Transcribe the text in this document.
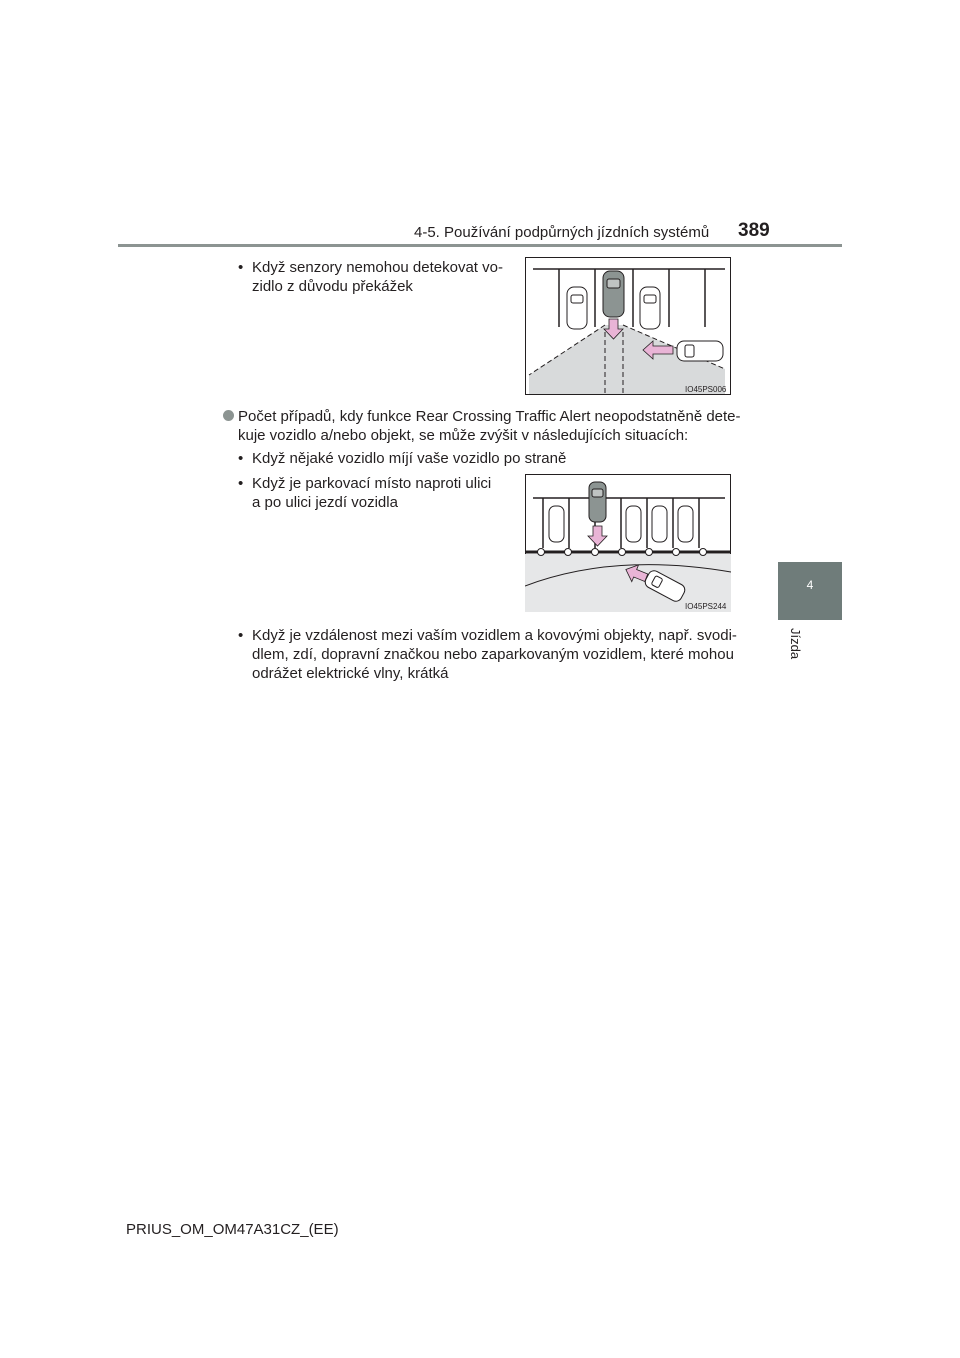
4-5. Používání podpůrných jízdních systémů 389
4
Jízda
• Když senzory nemohou detekovat vo-
zidlo z důvodu překážek
IO45PS006
Počet případů, kdy funkce Rear Crossing Traffic Alert neopodstatněně dete-
kuje vozidlo a/nebo objekt, se může zvýšit v následujících situacích:
• Když nějaké vozidlo míjí vaše vozidlo po straně
• Když je parkovací místo naproti ulici
a po ulici jezdí vozidla
IO45PS244
• Když je vzdálenost mezi vaším vozidlem a kovovými objekty, např. svodi-
dlem, zdí, dopravní značkou nebo zaparkovaným vozidlem, které mohou
odrážet elektrické vlny, krátká
PRIUS_OM_OM47A31CZ_(EE)
